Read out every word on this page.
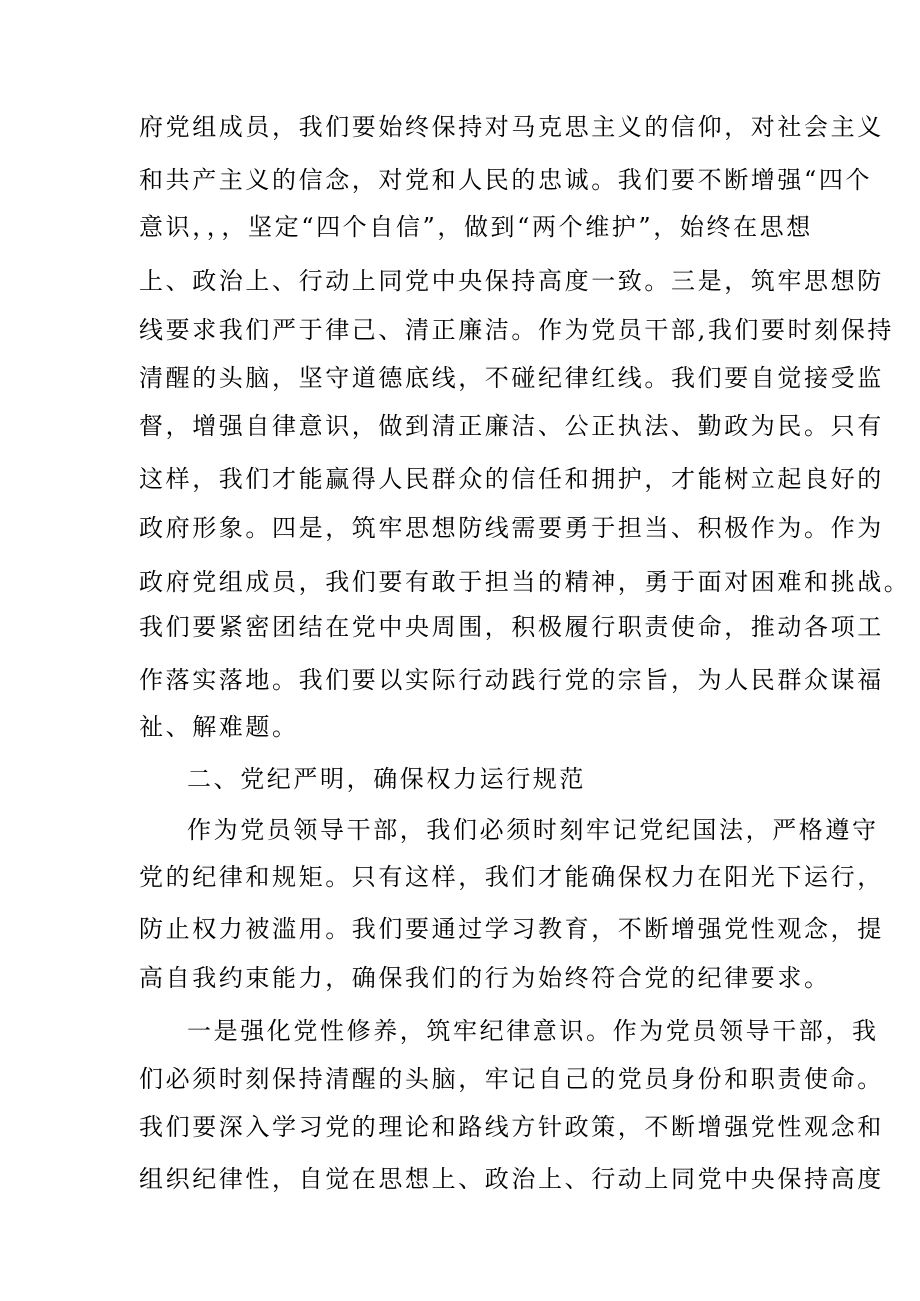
府党组成员，我们要始终保持对马克思主义的信仰，对社会主义
和共产主义的信念，对党和人民的忠诚。我们要不断增强“四个
意识，，，坚定“四个自信”，做到“两个维护”，始终在思想
上、政治上、行动上同党中央保持高度一致。三是，筑牢思想防
线要求我们严于律己、清正廉洁。作为党员干部,我们要时刻保持
清醒的头脑，坚守道德底线，不碰纪律红线。我们要自觉接受监
督，增强自律意识，做到清正廉洁、公正执法、勤政为民。只有
这样，我们才能赢得人民群众的信任和拥护，才能树立起良好的
政府形象。四是，筑牢思想防线需要勇于担当、积极作为。作为
政府党组成员，我们要有敢于担当的精神，勇于面对困难和挑战。
我们要紧密团结在党中央周围，积极履行职责使命，推动各项工
作落实落地。我们要以实际行动践行党的宗旨，为人民群众谋福
祉、解难题。
二、党纪严明，确保权力运行规范
作为党员领导干部，我们必须时刻牢记党纪国法，严格遵守
党的纪律和规矩。只有这样，我们才能确保权力在阳光下运行，
防止权力被滥用。我们要通过学习教育，不断增强党性观念，提
高自我约束能力，确保我们的行为始终符合党的纪律要求。
一是强化党性修养，筑牢纪律意识。作为党员领导干部，我
们必须时刻保持清醒的头脑，牢记自己的党员身份和职责使命。
我们要深入学习党的理论和路线方针政策，不断增强党性观念和
组织纪律性，自觉在思想上、政治上、行动上同党中央保持高度
